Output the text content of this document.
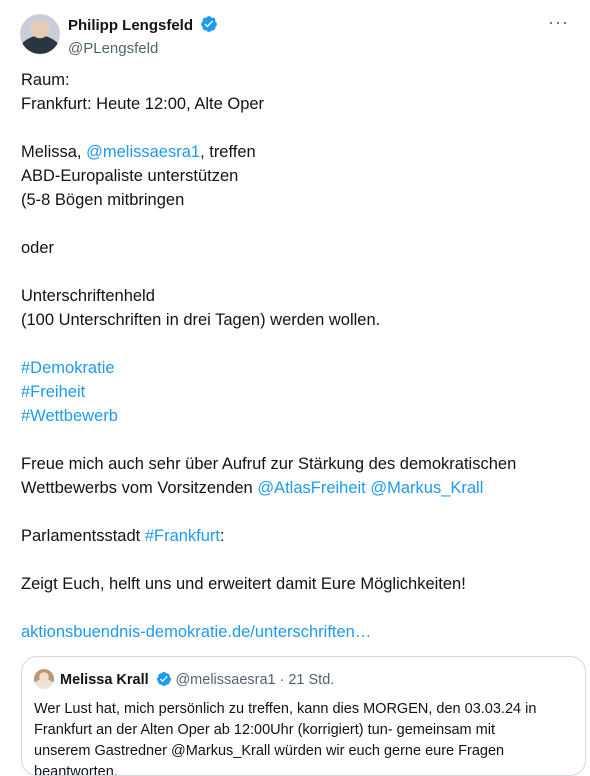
Philipp Lengsfeld
@PLengsfeld
···
Raum:
Frankfurt: Heute 12:00, Alte Oper
Melissa, @melissaesra1, treffen
ABD-Europaliste unterstützen
(5-8 Bögen mitbringen
oder
Unterschriftenheld
(100 Unterschriften in drei Tagen) werden wollen.
#Demokratie
#Freiheit
#Wettbewerb
Freue mich auch sehr über Aufruf zur Stärkung des demokratischen
Wettbewerbs vom Vorsitzenden @AtlasFreiheit @Markus_Krall
Parlamentsstadt #Frankfurt:
Zeigt Euch, helft uns und erweitert damit Eure Möglichkeiten!
aktionsbuendnis-demokratie.de/unterschriften…
Melissa Krall @melissaesra1 · 21 Std.
Wer Lust hat, mich persönlich zu treffen, kann dies MORGEN, den 03.03.24 in
Frankfurt an der Alten Oper ab 12:00Uhr (korrigiert) tun- gemeinsam mit
unserem Gastredner @Markus_Krall würden wir euch gerne eure Fragen
beantworten.
